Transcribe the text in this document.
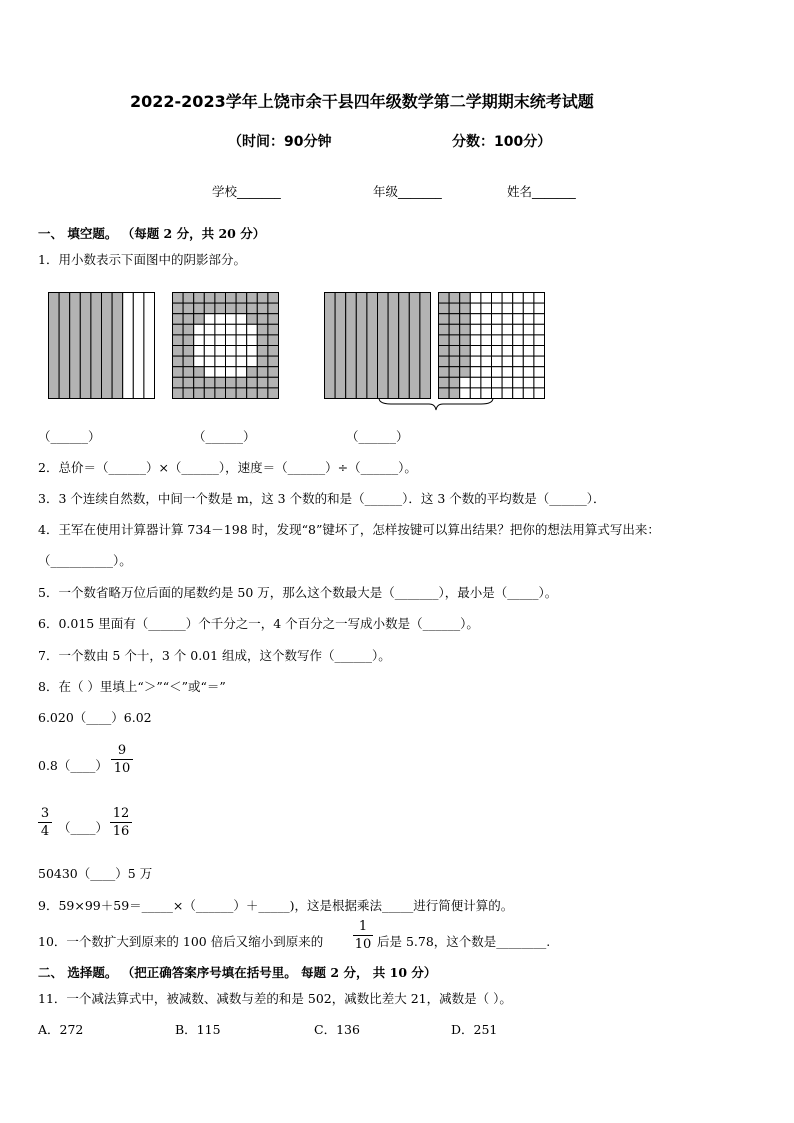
2022-2023学年上饶市余干县四年级数学第二学期期末统考试题
（时间：90分钟	分数：100分）
学校_______	年级_______	姓名_______
一、 填空题。 （每题 2 分，共 20 分）
1．用小数表示下面图中的阴影部分。
（______）	（______）	（______）
2．总价＝（______）×（______），速度＝（______）÷（______）。
3．3 个连续自然数，中间一个数是 m，这 3 个数的和是（______）．这 3 个数的平均数是（______）．
4．王军在使用计算器计算 734－198 时，发现“8”键坏了，怎样按键可以算出结果？把你的想法用算式写出来：
（__________）。
5．一个数省略万位后面的尾数约是 50 万，那么这个数最大是（_______），最小是（_____）。
6．0.015 里面有（______）个千分之一，4 个百分之一写成小数是（______）。
7．一个数由 5 个十，3 个 0.01 组成，这个数写作（______）。
8．在（ ）里填上“＞”“＜”或“＝”
6.020（____）6.02
0.8（____）
9
10
3
4 （____）
12
16
50430（____）5 万
9．59×99＋59＝_____×（______）＋_____)，这是根据乘法_____进行简便计算的。
10．一个数扩大到原来的 100 倍后又缩小到原来的
1
10 后是 5.78，这个数是________.
二、 选择题。 （把正确答案序号填在括号里。 每题 2 分， 共 10 分）
11．一个减法算式中，被减数、减数与差的和是 502，减数比差大 21，减数是（ ）。
A．272	B．115	C．136	D．251
